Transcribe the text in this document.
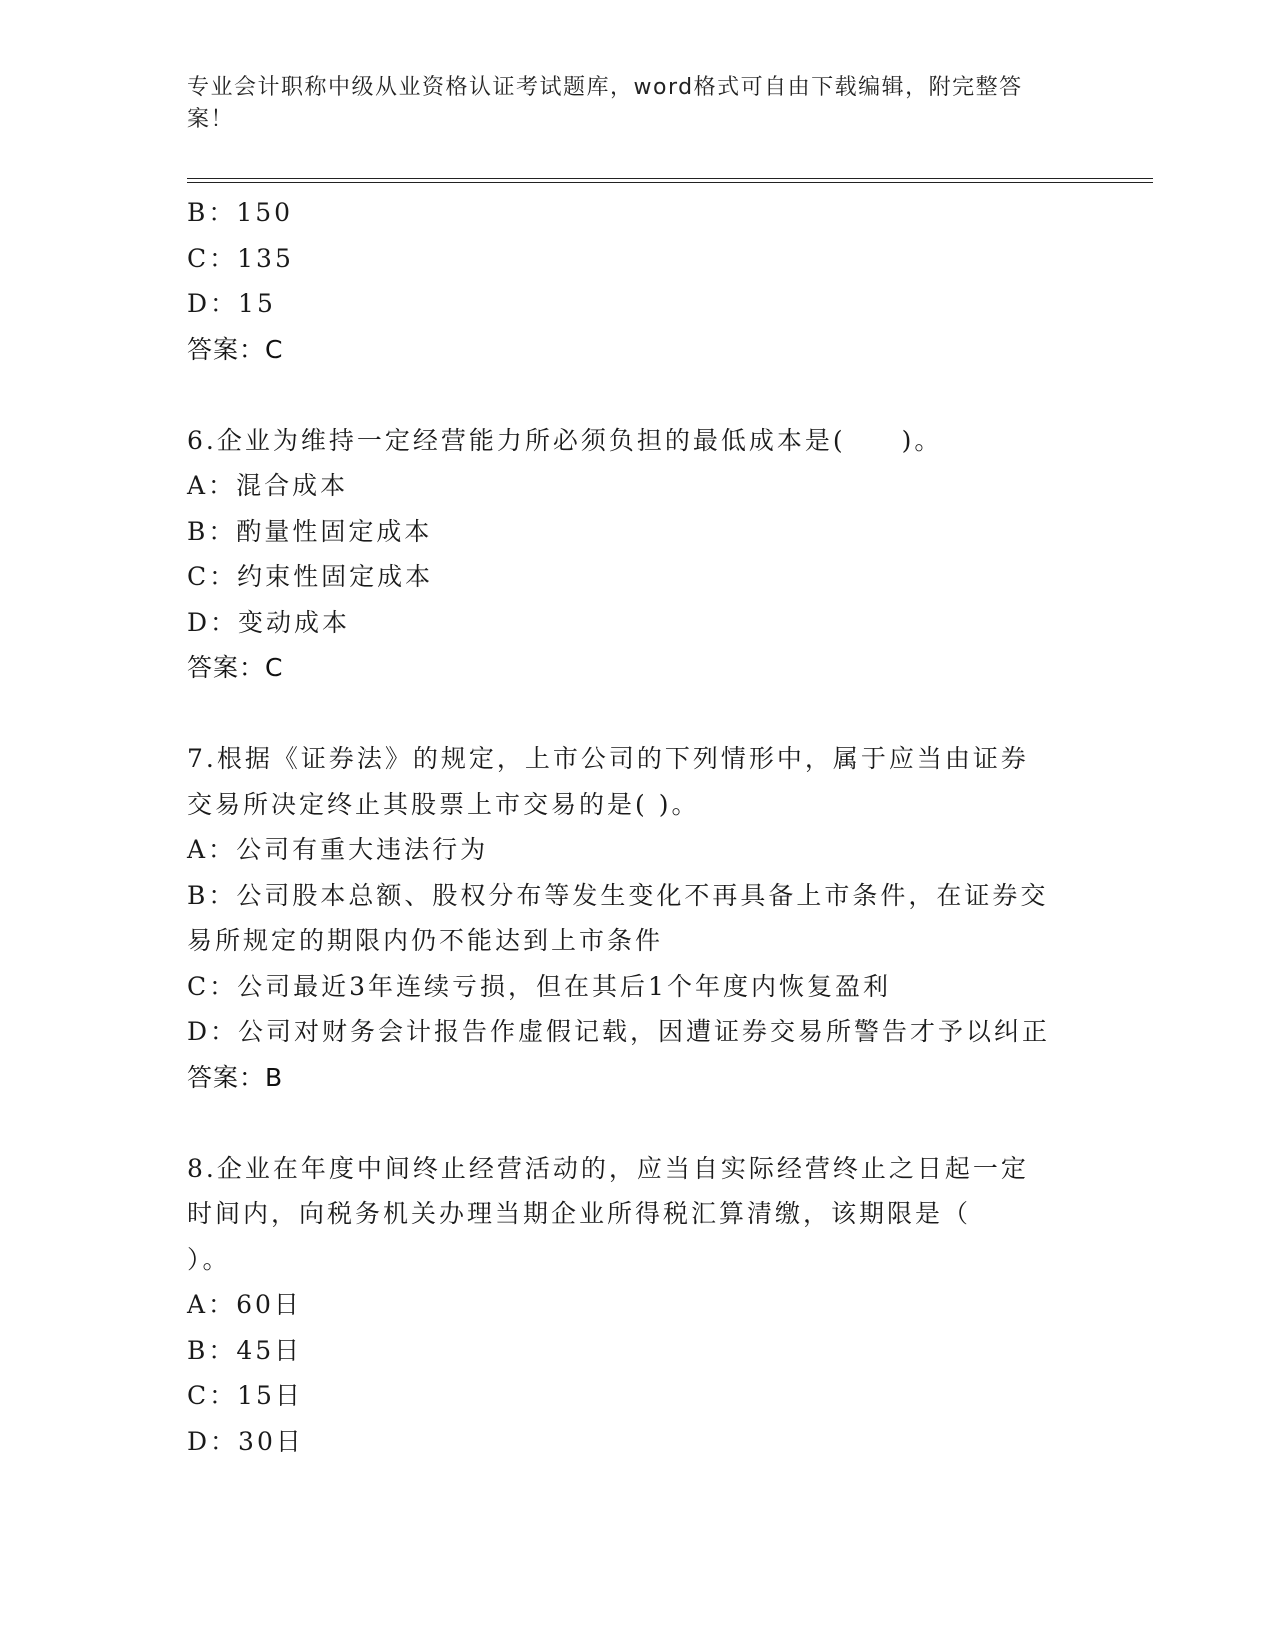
专业会计职称中级从业资格认证考试题库，word格式可自由下载编辑，附完整答案！
B：150
C：135
D：15
答案：C
6.企业为维持一定经营能力所必须负担的最低成本是(　　)。
A：混合成本
B：酌量性固定成本
C：约束性固定成本
D：变动成本
答案：C
7.根据《证券法》的规定，上市公司的下列情形中，属于应当由证券
交易所决定终止其股票上市交易的是( )。
A：公司有重大违法行为
B：公司股本总额、股权分布等发生变化不再具备上市条件，在证券交
易所规定的期限内仍不能达到上市条件
C：公司最近3年连续亏损，但在其后1个年度内恢复盈利
D：公司对财务会计报告作虚假记载，因遭证券交易所警告才予以纠正
答案：B
8.企业在年度中间终止经营活动的，应当自实际经营终止之日起一定
时间内，向税务机关办理当期企业所得税汇算清缴，该期限是（
）。
A：60日
B：45日
C：15日
D：30日
